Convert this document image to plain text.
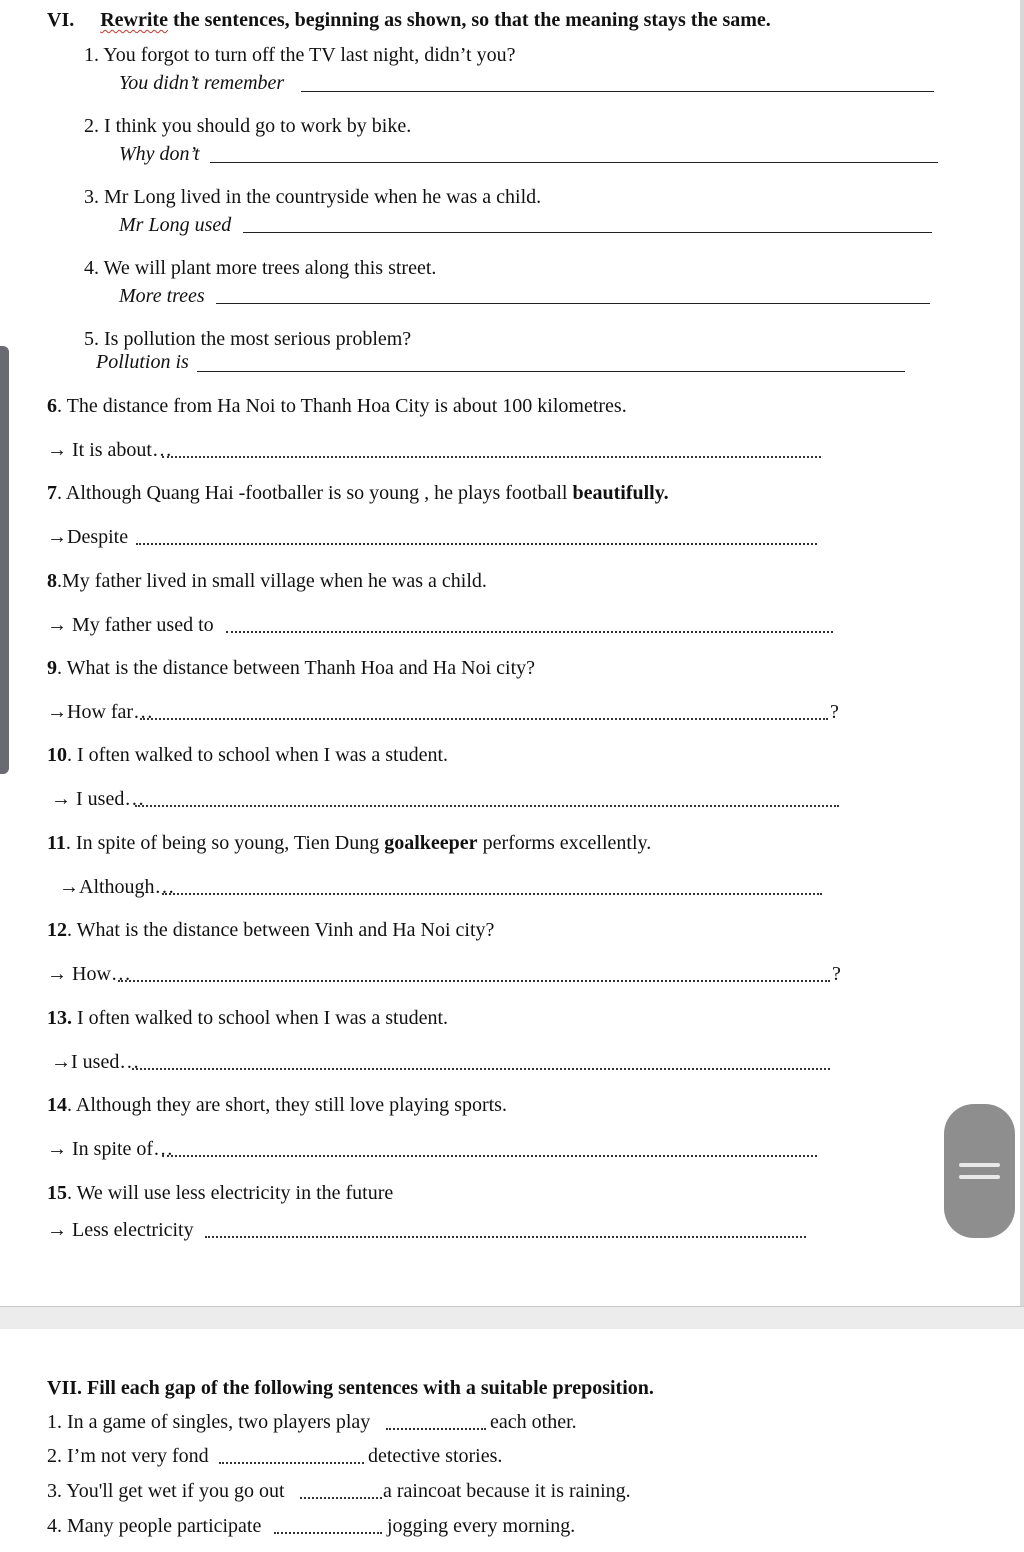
VI. Rewrite the sentences, beginning as shown, so that the meaning stays the same.
1. You forgot to turn off the TV last night, didn’t you?
You didn’t remember
2. I think you should go to work by bike.
Why don’t
3. Mr Long lived in the countryside when he was a child.
Mr Long used
4. We will plant more trees along this street.
More trees
5. Is pollution the most serious problem?
Pollution is
6. The distance from Ha Noi to Thanh Hoa City is about 100 kilometres.
→ It is about…
7. Although Quang Hai -footballer is so young , he plays football beautifully.
→Despite
8.My father lived in small village when he was a child.
→ My father used to
9. What is the distance between Thanh Hoa and Ha Noi city?
→How far…	?
10. I often walked to school when I was a student.
→ I used…
11. In spite of being so young, Tien Dung goalkeeper performs excellently.
→Although…
12. What is the distance between Vinh and Ha Noi city?
→ How…	?
13. I often walked to school when I was a student.
→I used…
14. Although they are short, they still love playing sports.
→ In spite of…
15. We will use less electricity in the future
→ Less electricity
VII. Fill each gap of the following sentences with a suitable preposition.
1. In a game of singles, two players play	each other.
2. I’m not very fond	detective stories.
3. You'll get wet if you go out	a raincoat because it is raining.
4. Many people participate	jogging every morning.
